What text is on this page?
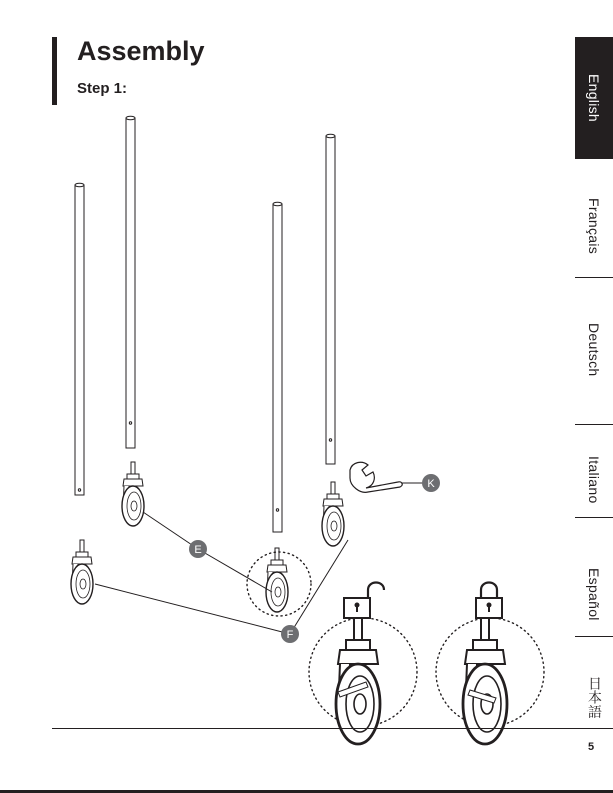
Assembly
Step 1:	English
Français
Deutsch
Italiano
Español
日本語
E
F
K
5
